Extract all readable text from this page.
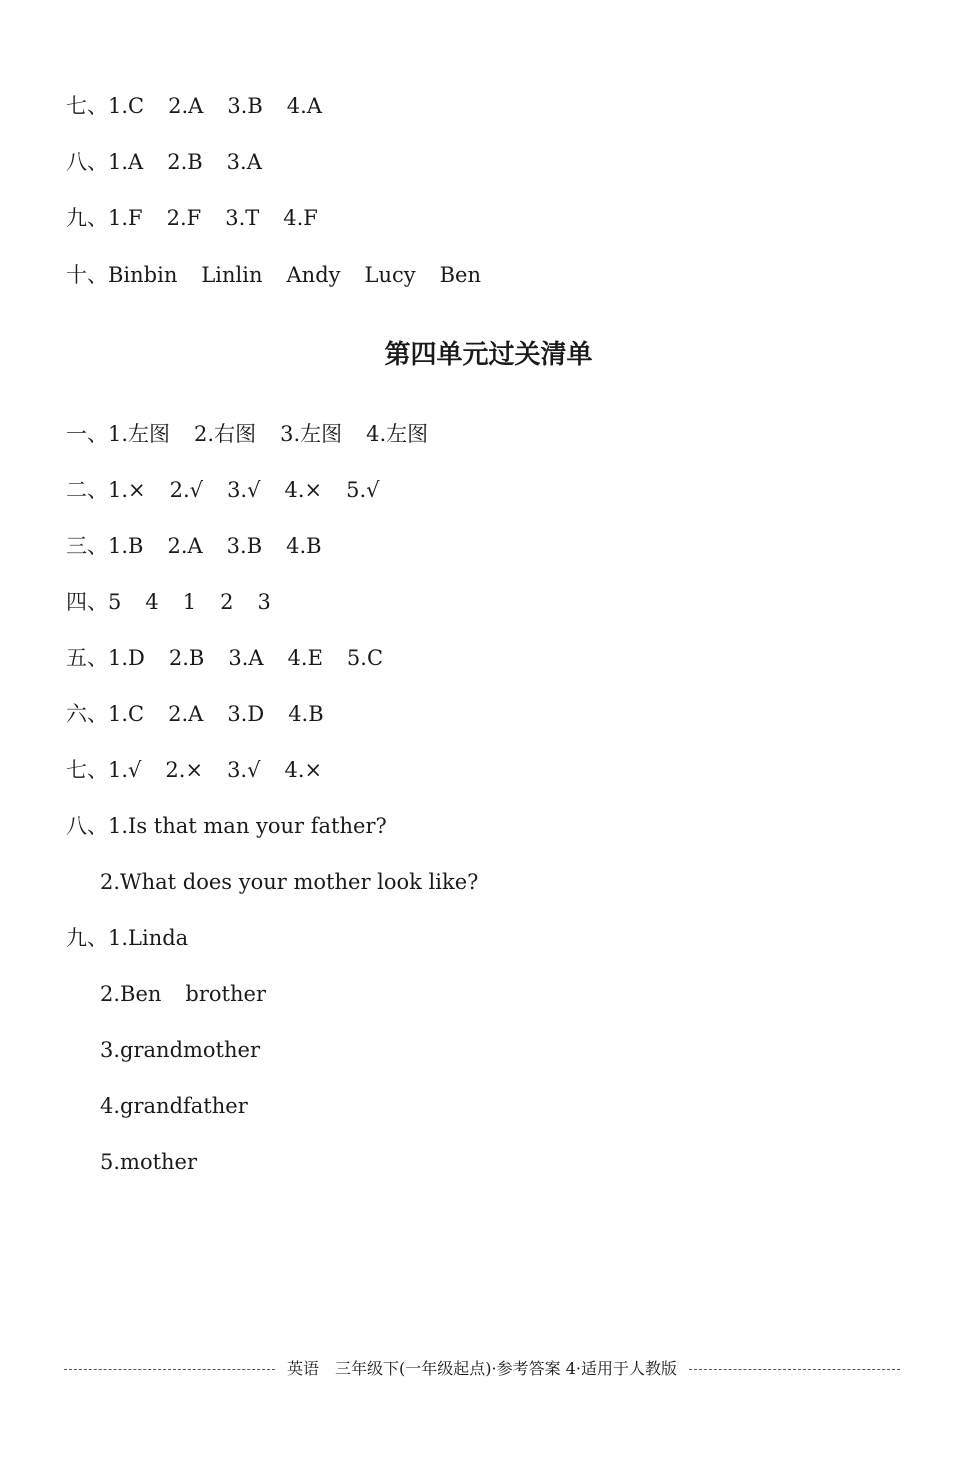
七、1.C 2.A 3.B 4.A
八、1.A 2.B 3.A
九、1.F 2.F 3.T 4.F
十、Binbin Linlin Andy Lucy Ben
第四单元过关清单
一、1.左图 2.右图 3.左图 4.左图
二、1.× 2.√ 3.√ 4.× 5.√
三、1.B 2.A 3.B 4.B
四、5 4 1 2 3
五、1.D 2.B 3.A 4.E 5.C
六、1.C 2.A 3.D 4.B
七、1.√ 2.× 3.√ 4.×
八、1.Is that man your father?
2.What does your mother look like?
九、1.Linda
2.Ben brother
3.grandmother
4.grandfather
5.mother
英语　三年级下(一年级起点)·参考答案 4·适用于人教版
